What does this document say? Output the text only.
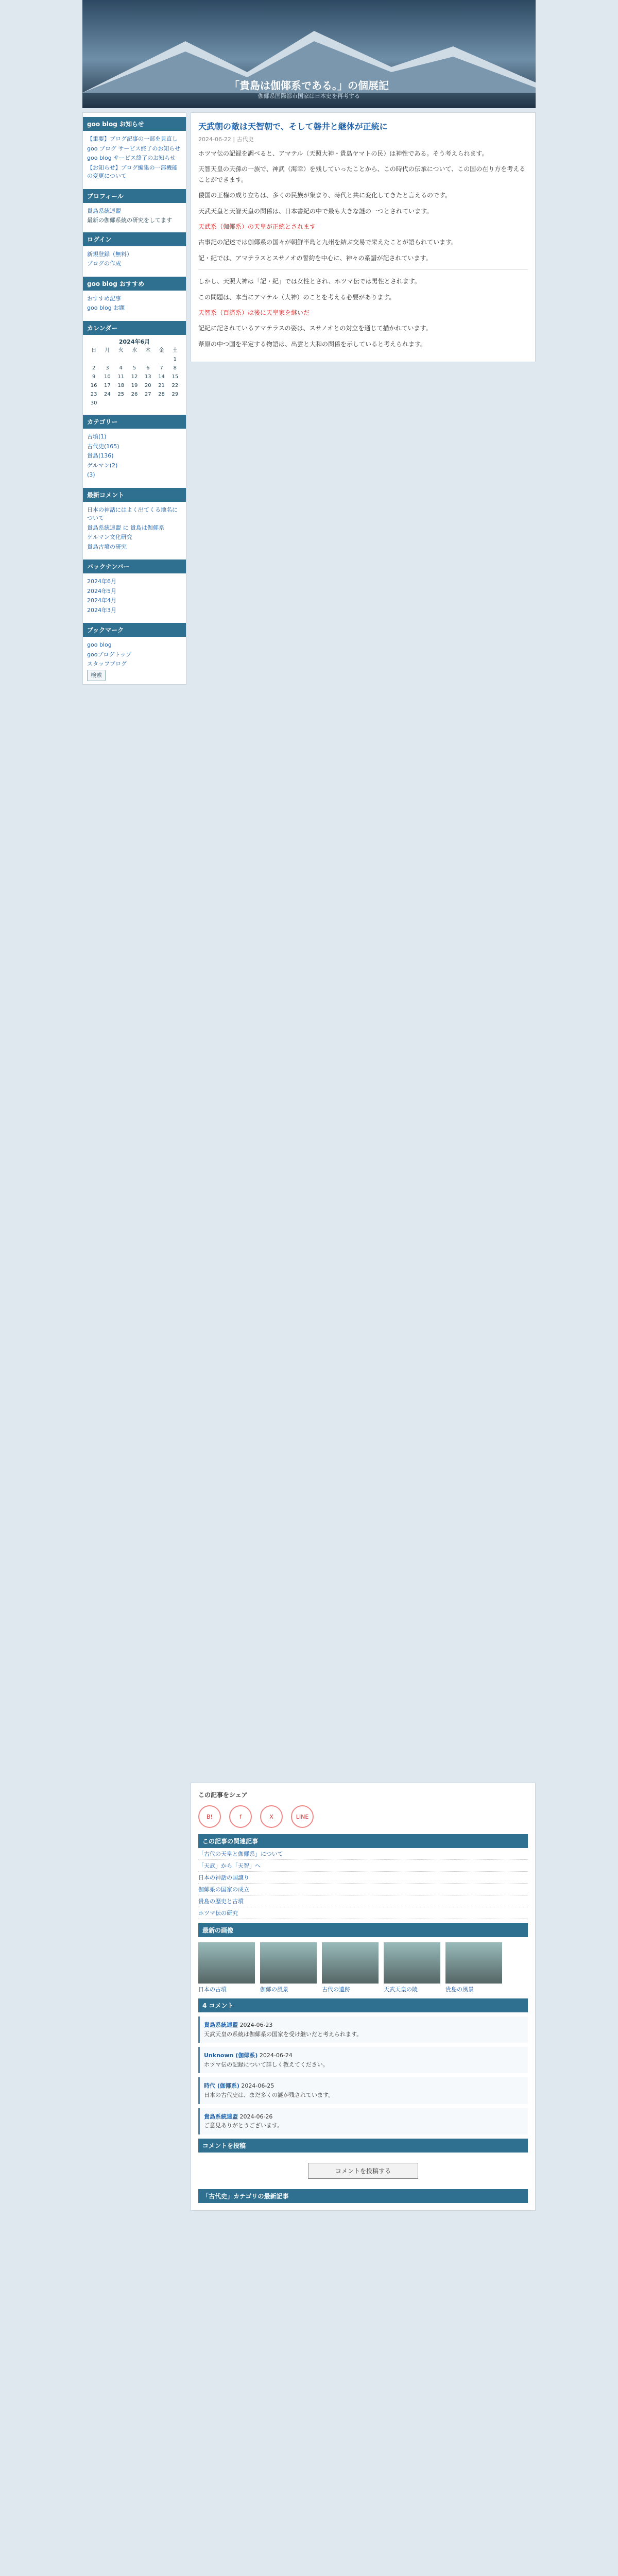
「貴島は伽倻系である。」の個展記
伽倻系国際都市国家は日本史を再考する
goo blog お知らせ
【重要】ブログ記事の一部を見直し
goo ブログ サービス終了のお知らせ
goo blog サービス終了のお知らせ
【お知らせ】ブログ編集の一部機能の変更について
プロフィール
貴島系統連盟
最新の伽倻系統の研究をしてます
ログイン
新規登録（無料）
ブログの作成
goo blog おすすめ
おすすめ記事
goo blog お題
カレンダー
2024年6月
日	月	火	水	木	金	土
						1
2	3	4	5	6	7	8
9	10	11	12	13	14	15
16	17	18	19	20	21	22
23	24	25	26	27	28	29
30						
カテゴリー
古墳(1)
古代史(165)
貴島(136)
ゲルマン(2)
(3)
最新コメント
日本の神話にはよく出てくる地名について
貴島系統連盟 に 貴島は伽倻系
ゲルマン文化研究
貴島古墳の研究
バックナンバー
2024年6月
2024年5月
2024年4月
2024年3月
ブックマーク
goo blog
gooブログトップ
スタッフブログ
検索
天武朝の敵は天智朝で、そして磐井と継体が正統に
2024-06-22 | 古代史

ホツマ伝の記録を調べると、アマテル（天照大神・貴島ヤマトの民）は神性である。そう考えられます。

天智天皇の天孫の一族で、神武（海幸）を残していったことから、この時代の伝承について、この国の在り方を考えることができます。

倭国の王権の成り立ちは、多くの民族が集まり、時代と共に変化してきたと言えるのです。

天武天皇と天智天皇の関係は、日本書紀の中で最も大きな謎の一つとされています。

天武系（伽倻系）の天皇が正統とされます

古事記の記述では伽倻系の国々が朝鮮半島と九州を結ぶ交易で栄えたことが語られています。

記・紀では、アマテラスとスサノオの誓約を中心に、神々の系譜が記されています。

しかし、天照大神は「記・紀」では女性とされ、ホツマ伝では男性とされます。

この問題は、本当にアマテル（大神）のことを考える必要があります。

天智系（百済系）は後に天皇家を継いだ

記紀に記されているアマテラスの姿は、スサノオとの対立を通じて描かれています。

葦原の中つ国を平定する物語は、出雲と大和の関係を示していると考えられます。

この記事をシェア
B!	f	X	LINE
この記事の関連記事
「古代の天皇と伽倻系」について
「天武」から「天智」へ
日本の神話の国譲り
伽倻系の国家の成立
貴島の歴史と古墳
ホツマ伝の研究
最新の画像
日本の古墳	伽倻の風景	古代の遺跡	天武天皇の陵	貴島の風景
4 コメント
貴島系統連盟 2024-06-23
天武天皇の系統は伽倻系の国家を受け継いだと考えられます。
Unknown (伽倻系) 2024-06-24
ホツマ伝の記録について詳しく教えてください。
時代 (伽倻系) 2024-06-25
日本の古代史は、まだ多くの謎が残されています。
貴島系統連盟 2024-06-26
ご意見ありがとうございます。
コメントを投稿
コメントを投稿する
「古代史」カテゴリの最新記事
